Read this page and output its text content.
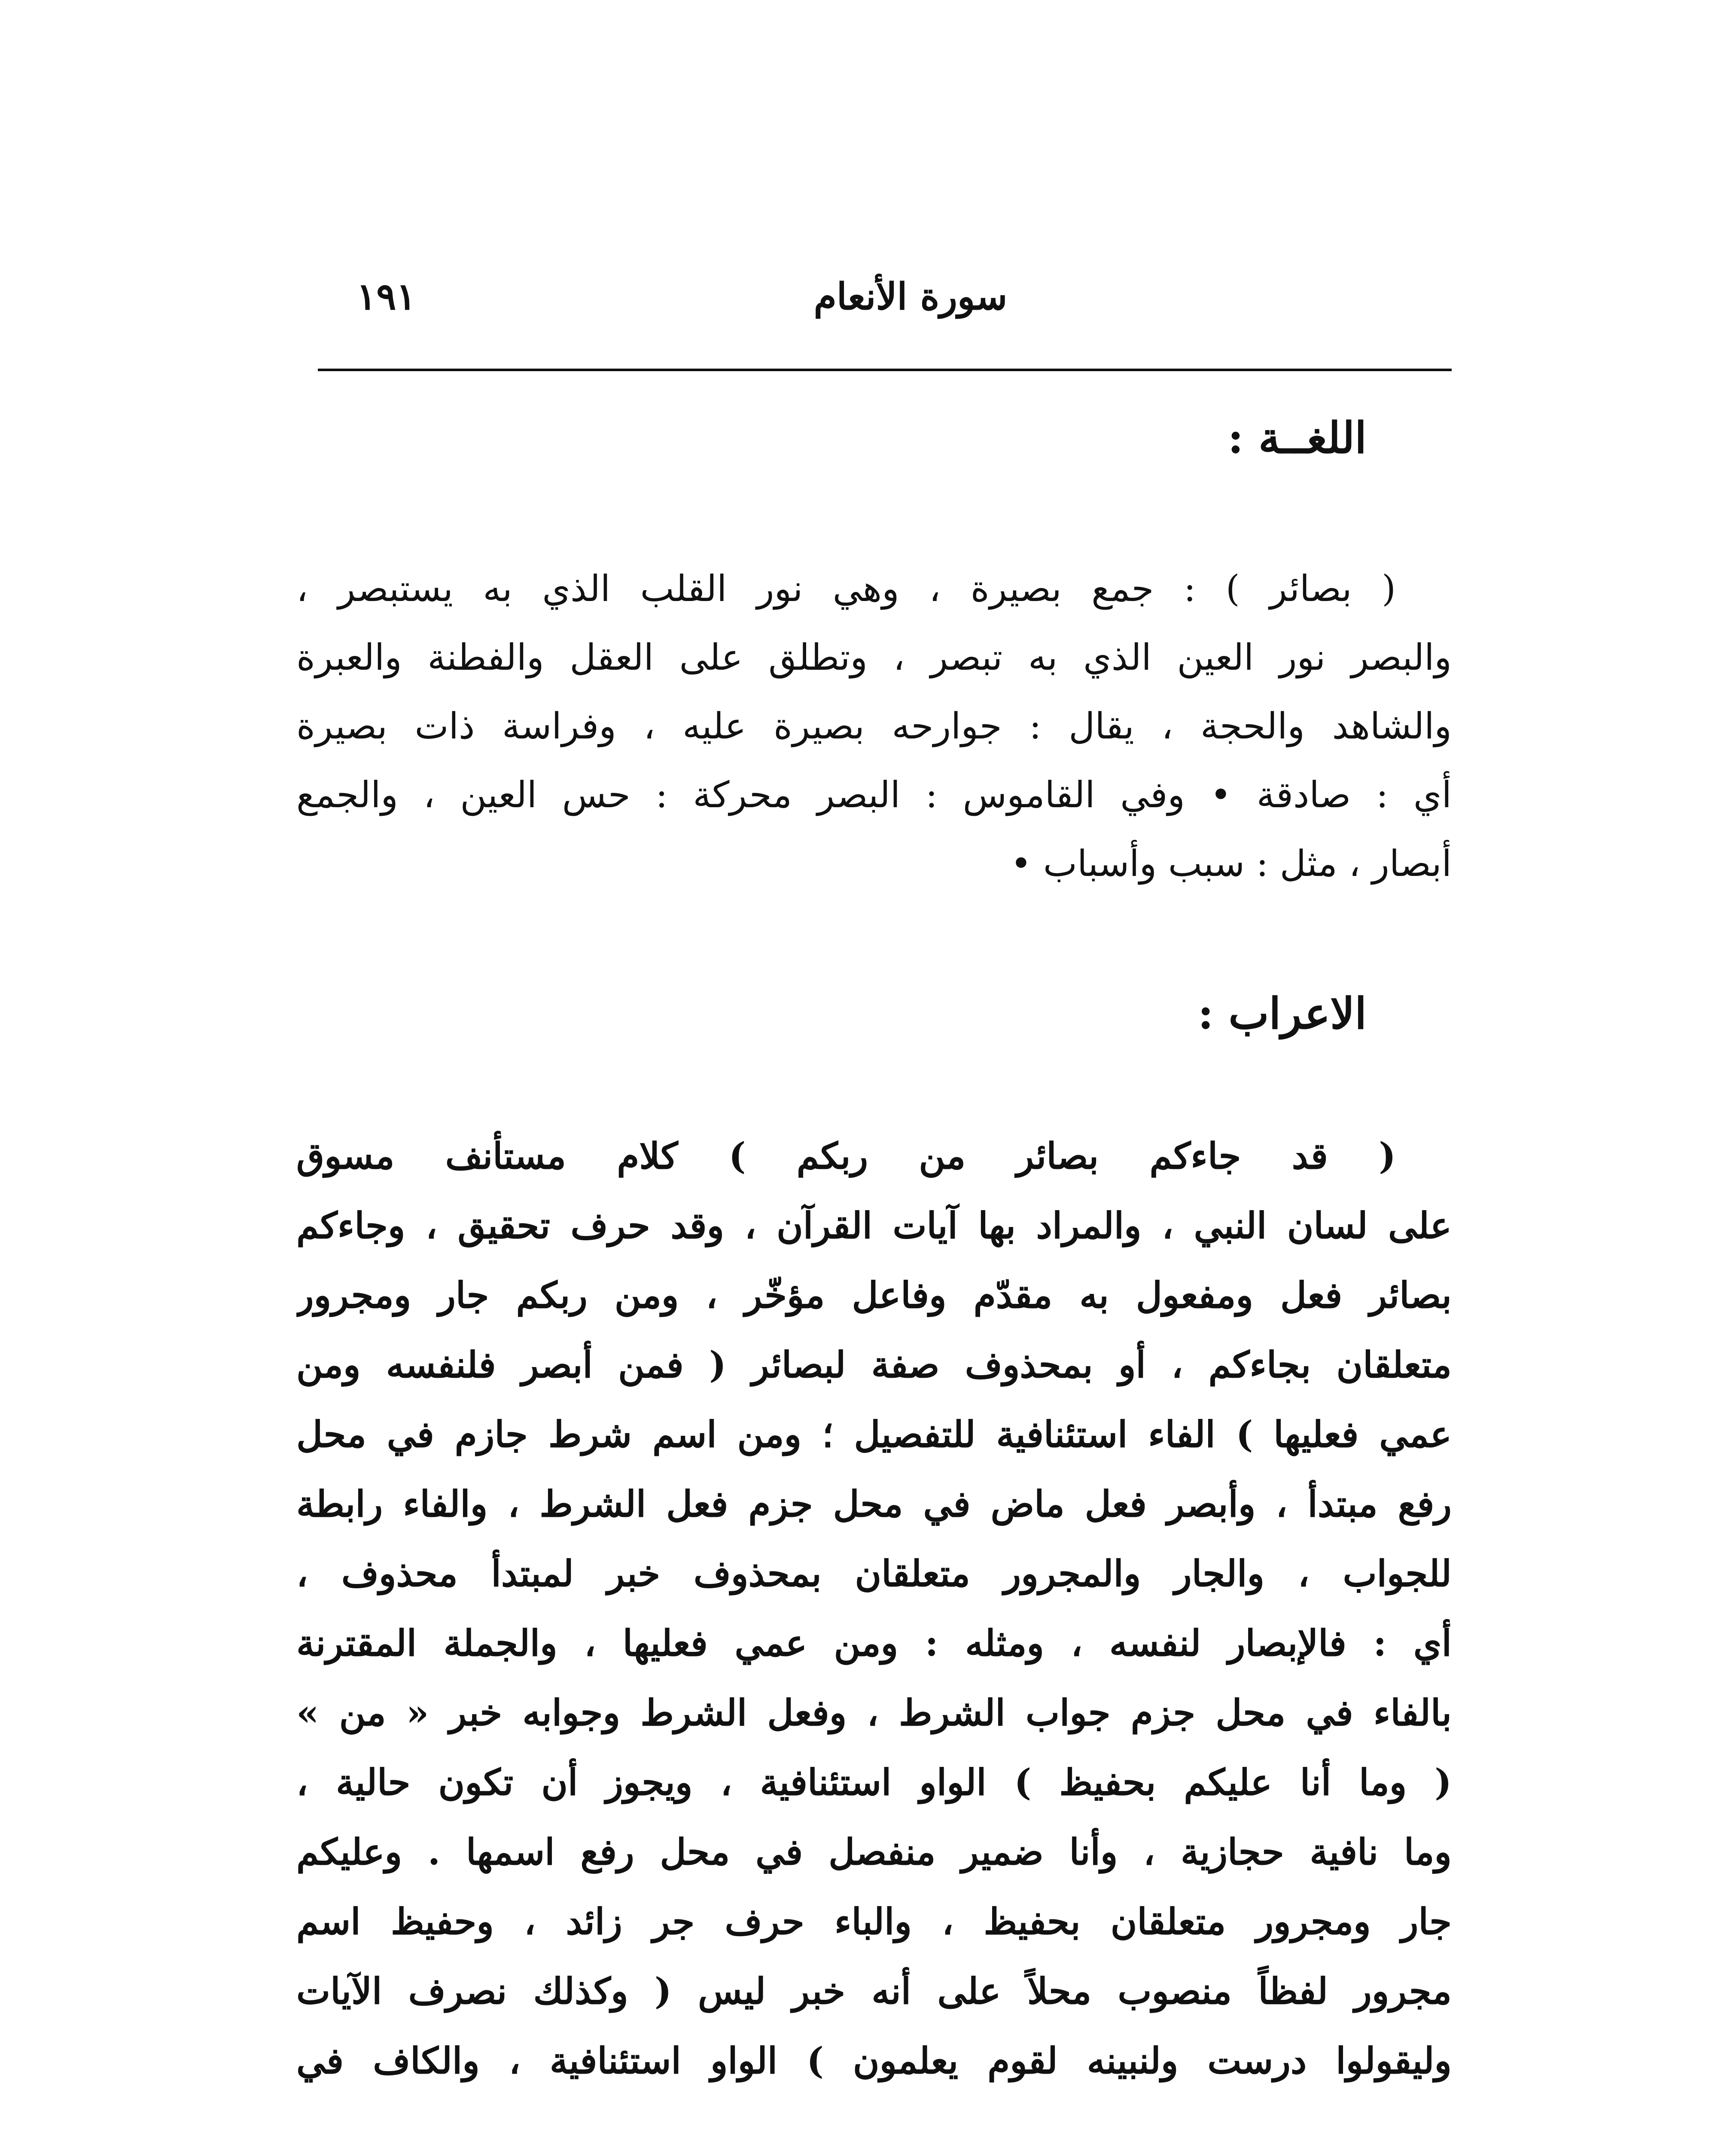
١٩١	سورة الأنعام
اللغــة :
( بصائر ) : جمع بصيرة ، وهي نور القلب الذي به يستبصر ،
والبصر نور العين الذي به تبصر ، وتطلق على العقل والفطنة والعبرة
والشاهد والحجة ، يقال : جوارحه بصيرة عليه ، وفراسة ذات بصيرة
أي : صادقة • وفي القاموس : البصر محركة : حس العين ، والجمع
أبصار ، مثل : سبب وأسباب •
الاعراب :
( قد جاءكم بصائر من ربكم ) كلام مستأنف مسوق
على لسان النبي ، والمراد بها آيات القرآن ، وقد حرف تحقيق ، وجاءكم
بصائر فعل ومفعول به مقدّم وفاعل مؤخّر ، ومن ربكم جار ومجرور
متعلقان بجاءكم ، أو بمحذوف صفة لبصائر ( فمن أبصر فلنفسه ومن
عمي فعليها ) الفاء استئنافية للتفصيل ؛ ومن اسم شرط جازم في محل
رفع مبتدأ ، وأبصر فعل ماض في محل جزم فعل الشرط ، والفاء رابطة
للجواب ، والجار والمجرور متعلقان بمحذوف خبر لمبتدأ محذوف ،
أي : فالإبصار لنفسه ، ومثله : ومن عمي فعليها ، والجملة المقترنة
بالفاء في محل جزم جواب الشرط ، وفعل الشرط وجوابه خبر « من »
( وما أنا عليكم بحفيظ ) الواو استئنافية ، ويجوز أن تكون حالية ،
وما نافية حجازية ، وأنا ضمير منفصل في محل رفع اسمها . وعليكم
جار ومجرور متعلقان بحفيظ ، والباء حرف جر زائد ، وحفيظ اسم
مجرور لفظاً منصوب محلاً على أنه خبر ليس ( وكذلك نصرف الآيات
وليقولوا درست ولنبينه لقوم يعلمون ) الواو استئنافية ، والكاف في
